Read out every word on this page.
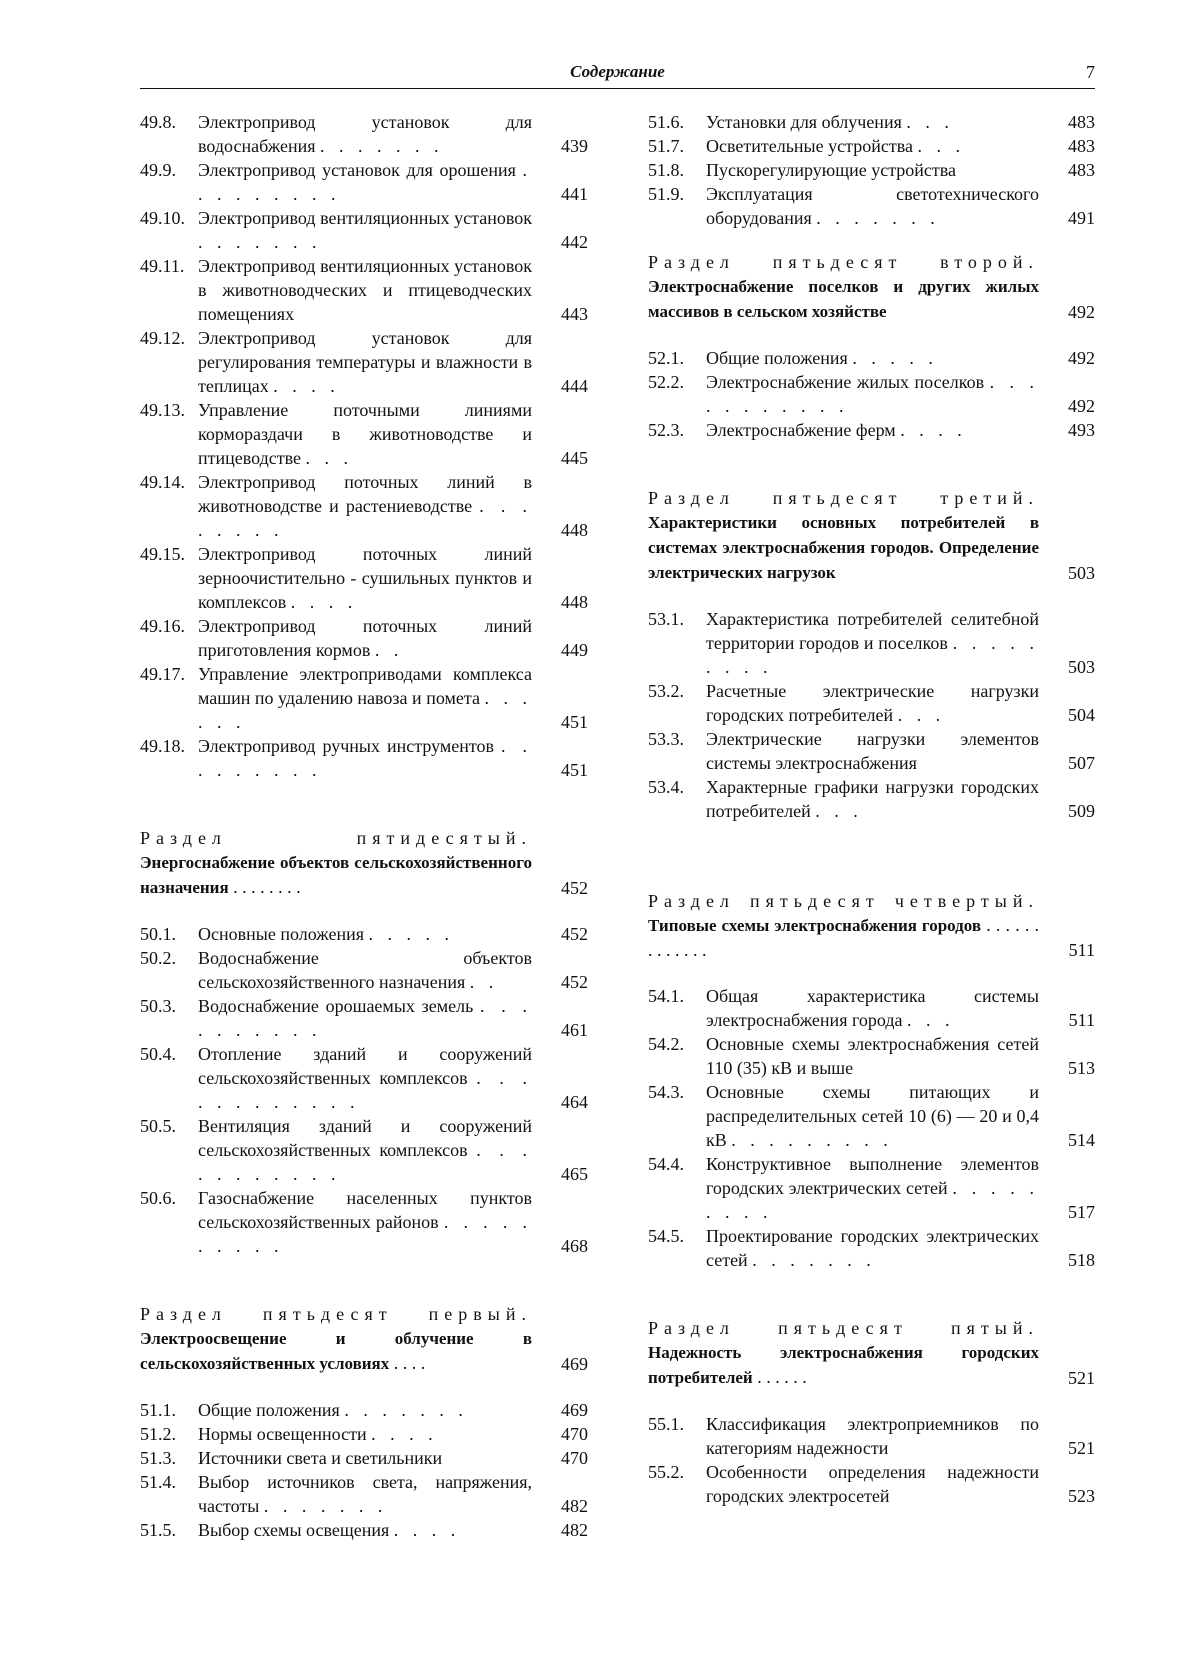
Содержание	7
49.8. Электропривод установок для водоснабжения . . . . . . .	439
49.9. Электропривод установок для орошения . . . . . . . . .	441
49.10. Электропривод вентиляционных установок . . . . . . .	442
49.11. Электропривод вентиляционных установок в животноводческих и птицеводческих помещениях	443
49.12. Электропривод установок для регулирования температуры и влажности в теплицах . . . .	444
49.13. Управление поточными линиями кормораздачи в животноводстве и птицеводстве . . .	445
49.14. Электропривод поточных линий в животноводстве и растениеводстве . . . . . . . .	448
49.15. Электропривод поточных линий зерноочистительно - сушильных пунктов и комплексов . . . .	448
49.16. Электропривод поточных линий приготовления кормов . .	449
49.17. Управление электроприводами комплекса машин по удалению навоза и помета . . . . . .	451
49.18. Электропривод ручных инструментов . . . . . . . . .	451
Раздел пятидесятый. Энергоснабжение объектов сельскохозяйственного назначения . . . . . . . .	452
50.1. Основные положения . . . . .	452
50.2. Водоснабжение объектов сельскохозяйственного назначения . .	452
50.3. Водоснабжение орошаемых земель . . . . . . . . . .	461
50.4. Отопление зданий и сооружений сельскохозяйственных комплексов . . . . . . . . . . . .	464
50.5. Вентиляция зданий и сооружений сельскохозяйственных комплексов . . . . . . . . . . .	465
50.6. Газоснабжение населенных пунктов сельскохозяйственных районов . . . . . . . . . .	468
Раздел пятьдесят первый. Электроосвещение и облучение в сельскохозяйственных условиях . . . .	469
51.1. Общие положения . . . . . . .	469
51.2. Нормы освещенности . . . .	470
51.3. Источники света и светильники	470
51.4. Выбор источников света, напряжения, частоты . . . . . . .	482
51.5. Выбор схемы освещения . . . .	482
51.6. Установки для облучения . . .	483
51.7. Осветительные устройства . . .	483
51.8. Пускорегулирующие устройства	483
51.9. Эксплуатация светотехнического оборудования . . . . . . .	491
Раздел пятьдесят второй. Электроснабжение поселков и других жилых массивов в сельском хозяйстве	492
52.1. Общие положения . . . . .	492
52.2. Электроснабжение жилых поселков . . . . . . . . . . .	492
52.3. Электроснабжение ферм . . . .	493
Раздел пятьдесят третий. Характеристики основных потребителей в системах электроснабжения городов. Определение электрических нагрузок	503
53.1. Характеристика потребителей селитебной территории городов и поселков . . . . . . . . .	503
53.2. Расчетные электрические нагрузки городских потребителей . . .	504
53.3. Электрические нагрузки элементов системы электроснабжения	507
53.4. Характерные графики нагрузки городских потребителей . . .	509
Раздел пятьдесят четвертый. Типовые схемы электроснабжения городов . . . . . . . . . . . . .	511
54.1. Общая характеристика системы электроснабжения города . . .	511
54.2. Основные схемы электроснабжения сетей 110 (35) кВ и выше	513
54.3. Основные схемы питающих и распределительных сетей 10 (6) — 20 и 0,4 кВ . . . . . . . . .	514
54.4. Конструктивное выполнение элементов городских электрических сетей . . . . . . . . .	517
54.5. Проектирование городских электрических сетей . . . . . . .	518
Раздел пятьдесят пятый. Надежность электроснабжения городских потребителей . . . . . .	521
55.1. Классификация электроприемников по категориям надежности	521
55.2. Особенности определения надежности городских электросетей	523
